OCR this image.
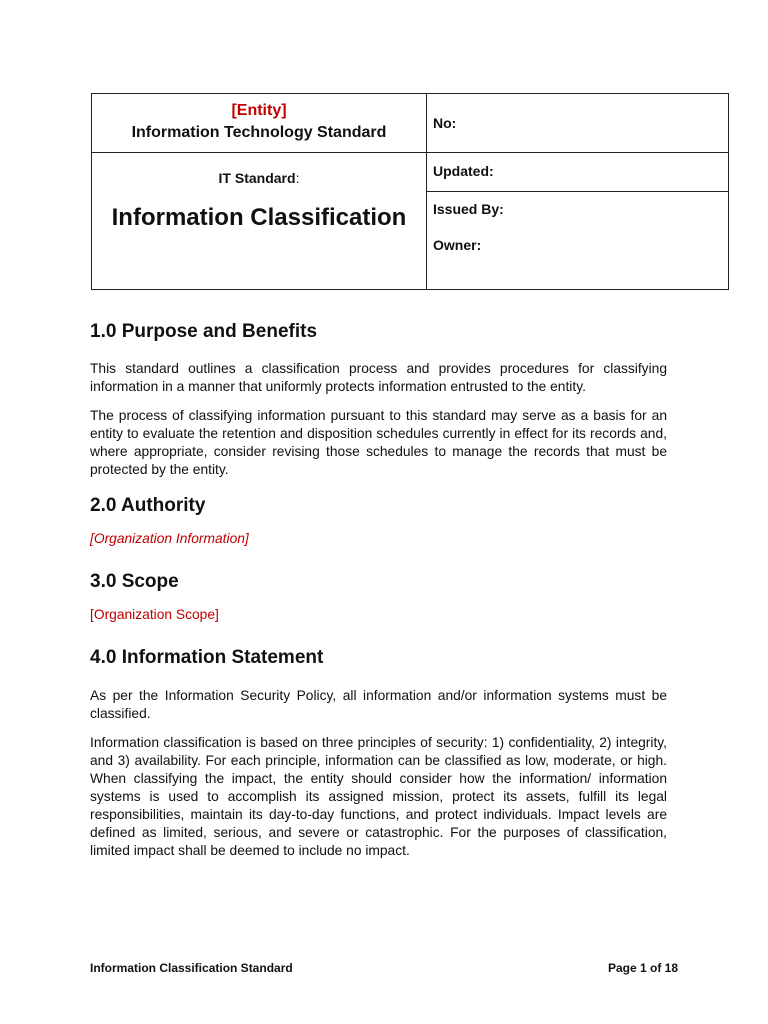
[Entity]
Information Technology Standard
IT Standard:
Information Classification
No:
Updated:
Issued By:
Owner:
1.0 Purpose and Benefits

This standard outlines a classification process and provides procedures for classifying information in a manner that uniformly protects information entrusted to the entity.

The process of classifying information pursuant to this standard may serve as a basis for an entity to evaluate the retention and disposition schedules currently in effect for its records and, where appropriate, consider revising those schedules to manage the records that must be protected by the entity.

2.0 Authority

[Organization Information]

3.0 Scope

[Organization Scope]

4.0 Information Statement

As per the Information Security Policy, all information and/or information systems must be classified.

Information classification is based on three principles of security: 1) confidentiality, 2) integrity, and 3) availability. For each principle, information can be classified as low, moderate, or high. When classifying the impact, the entity should consider how the information/ information systems is used to accomplish its assigned mission, protect its assets, fulfill its legal responsibilities, maintain its day-to-day functions, and protect individuals. Impact levels are defined as limited, serious, and severe or catastrophic. For the purposes of classification, limited impact shall be deemed to include no impact.

Information Classification Standard	Page 1 of 18
